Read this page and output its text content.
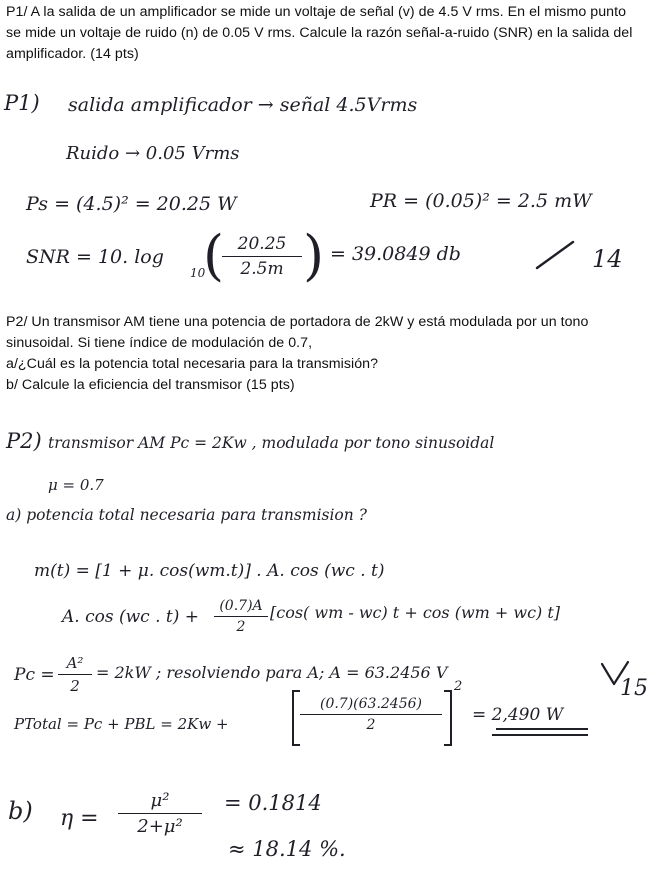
P1/ A la salida de un amplificador se mide un voltaje de señal (v) de 4.5 V rms. En el mismo punto
se mide un voltaje de ruido (n) de 0.05 V rms. Calcule la razón señal-a-ruido (SNR) en la salida del
amplificador. (14 pts)
P1) salida amplificador → señal 4.5Vrms
Ruido → 0.05 Vrms
Ps = (4.5)² = 20.25 W	PR = (0.05)² = 2.5 mW
SNR = 10. log
10
(
$\frac{20.25}{2.5m}$ ) = 39.0849 db	14
P2/ Un transmisor AM tiene una potencia de portadora de 2kW y está modulada por un tono
sinusoidal. Si tiene índice de modulación de 0.7,
a/¿Cuál es la potencia total necesaria para la transmisión?
b/ Calcule la eficiencia del transmisor (15 pts)
P2) transmisor AM Pc = 2Kw , modulada por tono sinusoidal
μ = 0.7
a) potencia total necesaria para transmision ?
m(t) = [1 + μ. cos(wm.t)] . A. cos (wc . t)
A. cos (wc . $t) + \frac{(0.7)A}{2} [\cos$( wm - wc) t + cos (wm + wc) t]
$Pc = \frac{\text{A²}}{2} = 2kW$ ; resolviendo para A; A = 63.2456 V
15
PTotal = Pc + PBL = 2Kw +	$\frac{(0.7)(63.2456)}{2}$
2
= 2,490 W
b) $\eta = \frac{\text{μ²}}{\text{2+μ²}} = 0.1814$
≈ 18.14 %.
